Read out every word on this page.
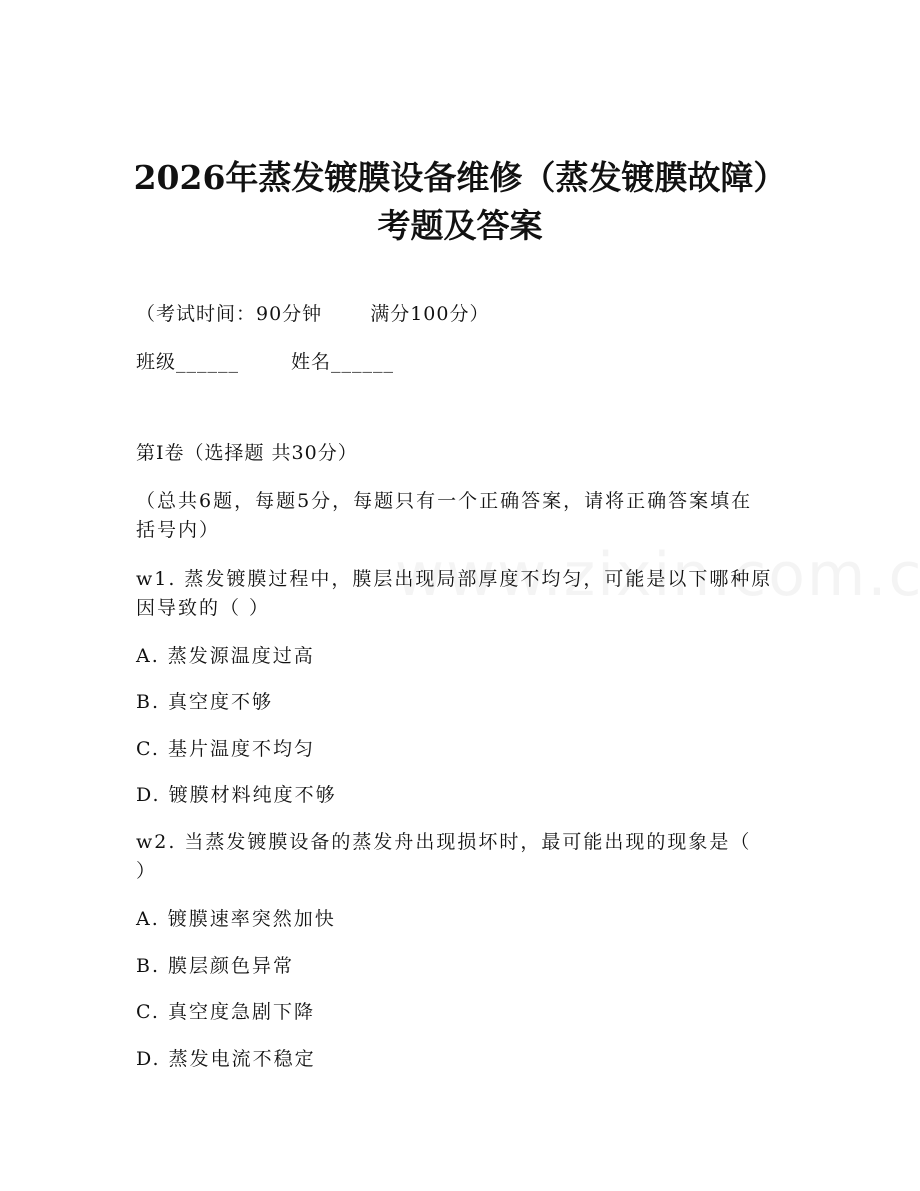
2026年蒸发镀膜设备维修（蒸发镀膜故障）
考题及答案
（考试时间：90分钟	满分100分）
班级______	姓名______
第I卷（选择题 共30分）
（总共6题，每题5分，每题只有一个正确答案，请将正确答案填在
括号内）
w1. 蒸发镀膜过程中，膜层出现局部厚度不均匀，可能是以下哪种原
因导致的（ ）
A. 蒸发源温度过高
B. 真空度不够
C. 基片温度不均匀
D. 镀膜材料纯度不够
w2. 当蒸发镀膜设备的蒸发舟出现损坏时，最可能出现的现象是（
）
A. 镀膜速率突然加快
B. 膜层颜色异常
C. 真空度急剧下降
D. 蒸发电流不稳定
